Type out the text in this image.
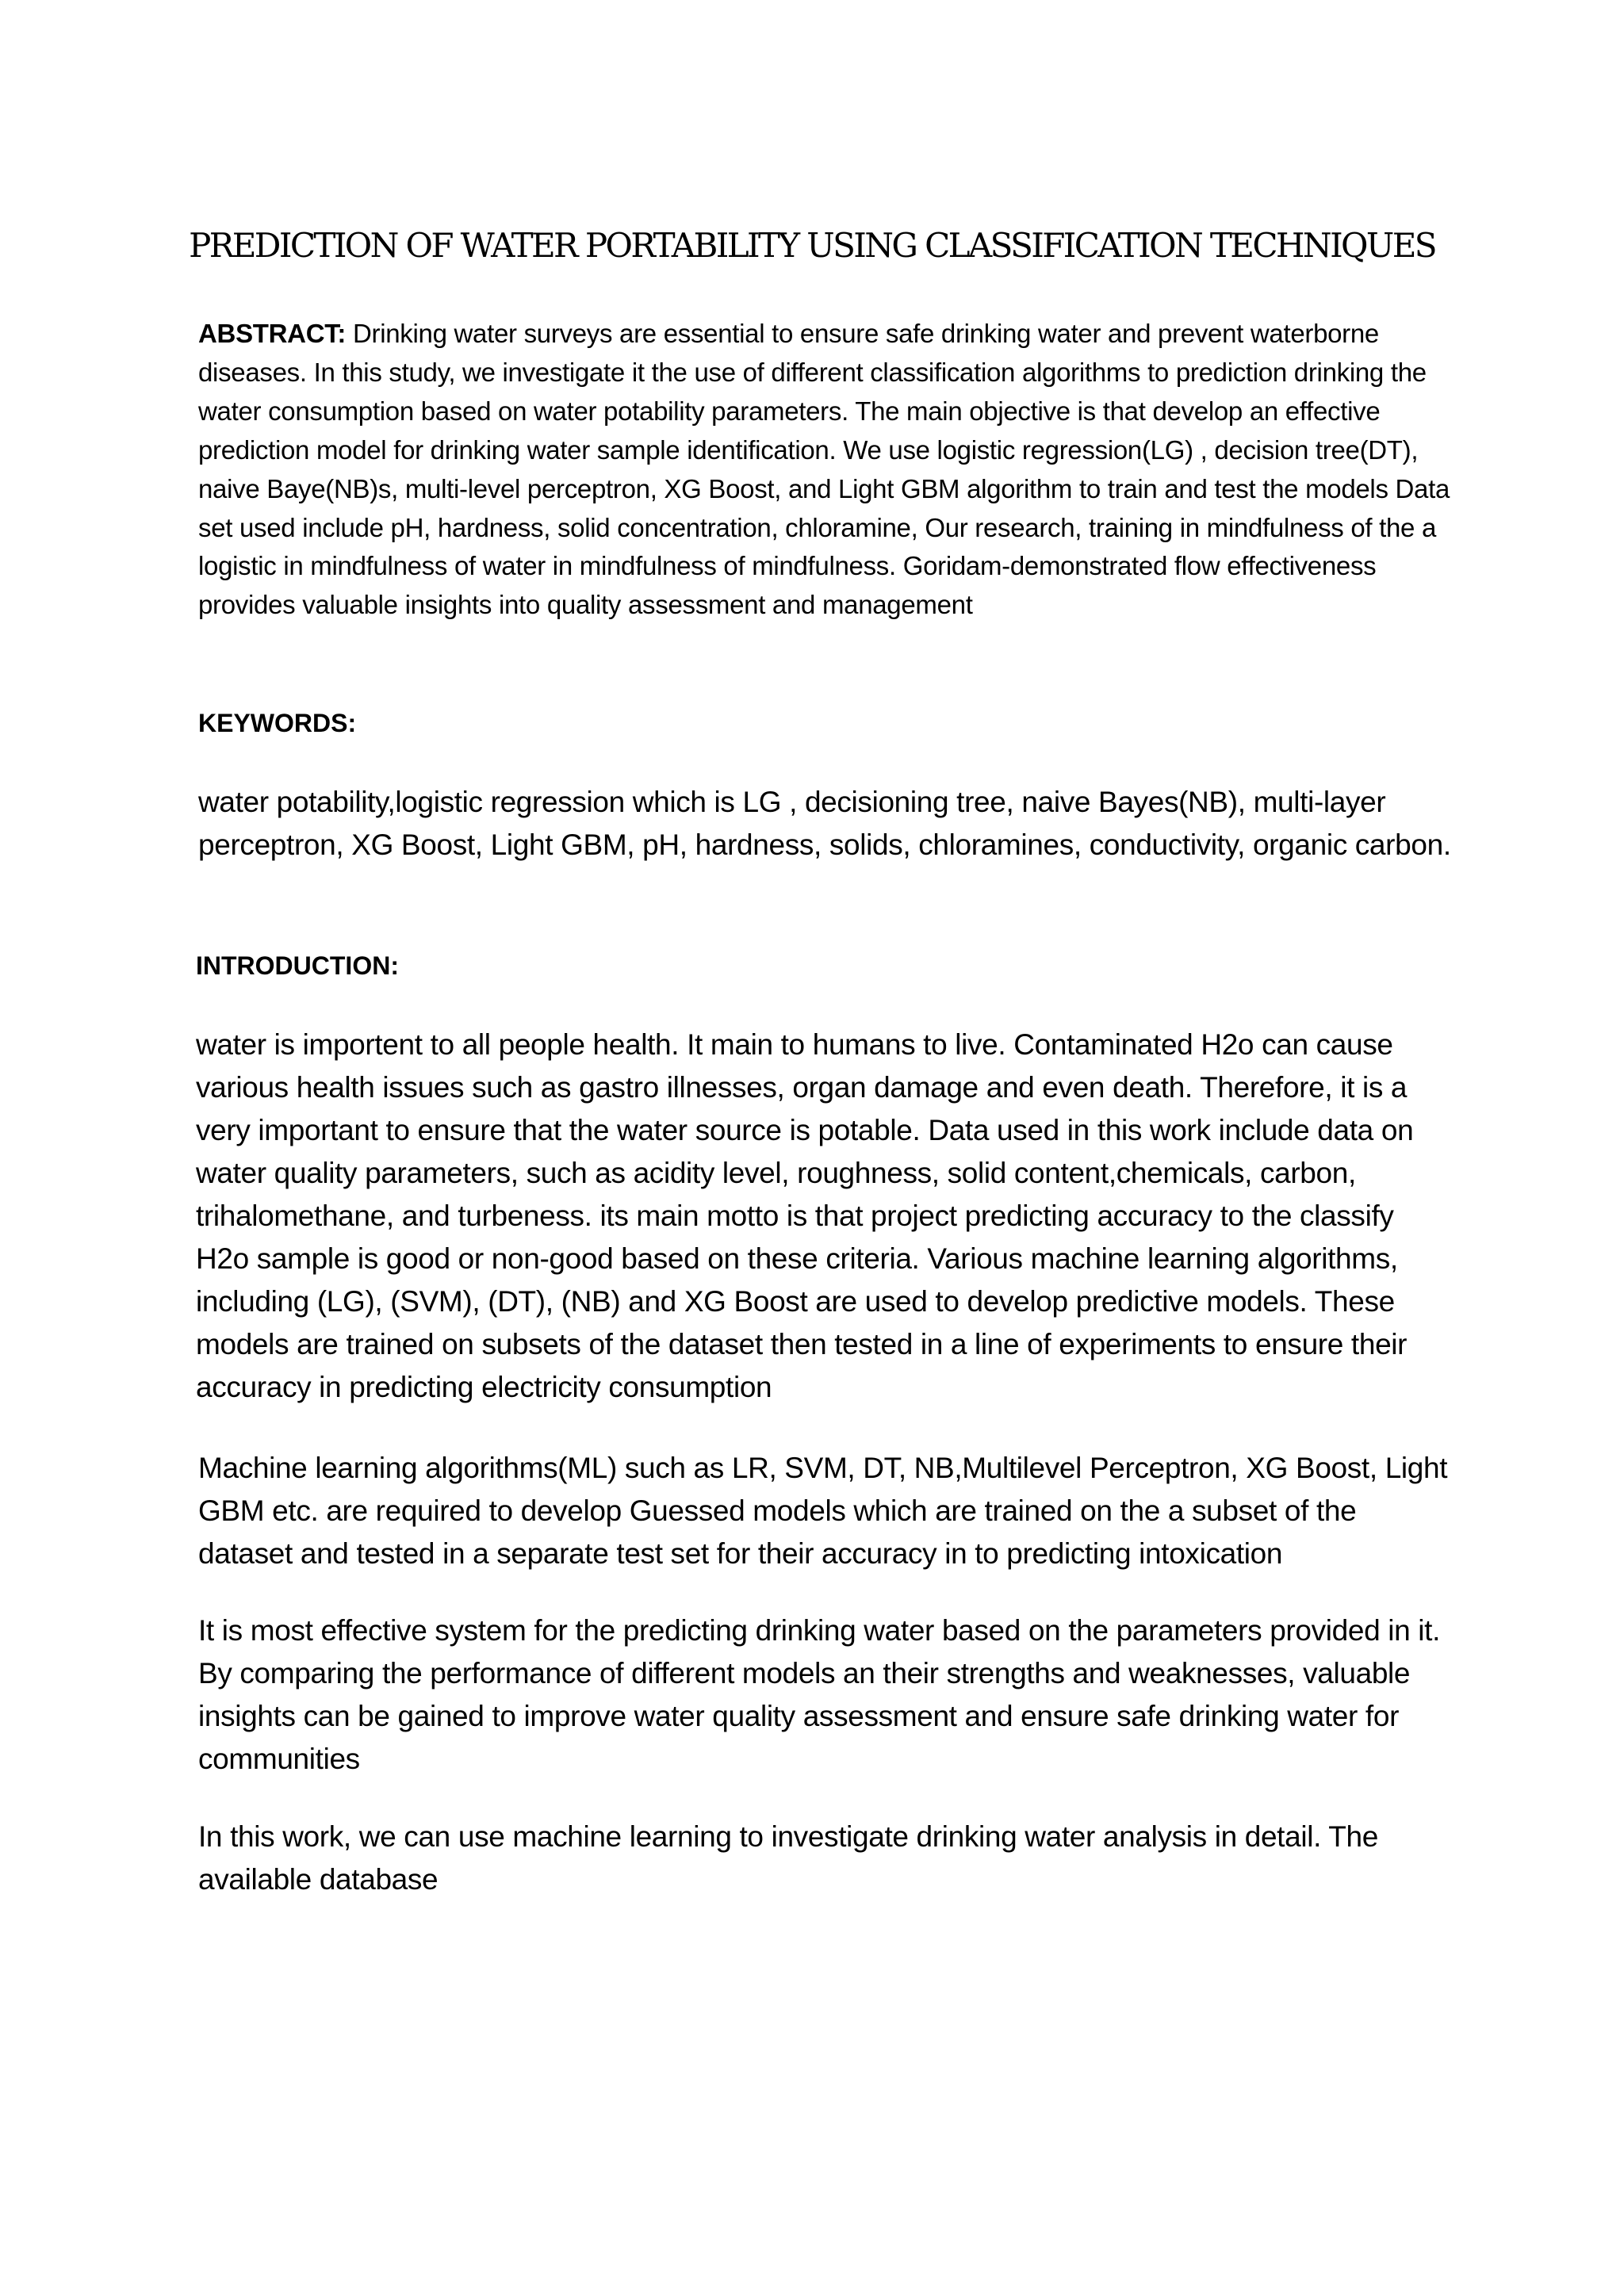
PREDICTION OF WATER PORTABILITY USING CLASSIFICATION TECHNIQUES
ABSTRACT: Drinking water surveys are essential to ensure safe drinking water and prevent waterborne diseases. In this study, we investigate it the use of different classification algorithms to prediction drinking the water consumption based on water potability parameters. The main objective is that develop an effective prediction model for drinking water sample identification. We use logistic regression(LG) , decision tree(DT), naive Baye(NB)s, multi-level perceptron, XG Boost, and Light GBM algorithm to train and test the models Data set used include pH, hardness, solid concentration, chloramine, Our research, training in mindfulness of the a logistic in mindfulness of water in mindfulness of mindfulness. Goridam-demonstrated flow effectiveness provides valuable insights into quality assessment and management
KEYWORDS:
water potability,logistic regression which is LG , decisioning tree, naive Bayes(NB), multi-layer perceptron, XG Boost, Light GBM, pH, hardness, solids, chloramines, conductivity, organic carbon.
INTRODUCTION:
water is importent to all people health. It main to humans to live. Contaminated H2o can cause various health issues such as gastro illnesses, organ damage and even death. Therefore, it is a very important to ensure that the water source is potable. Data used in this work include data on water quality parameters, such as acidity level, roughness, solid content,chemicals, carbon, trihalomethane, and turbeness. its main motto is that project predicting accuracy to the classify H2o sample is good or non-good based on these criteria. Various machine learning algorithms, including (LG), (SVM), (DT), (NB) and XG Boost are used to develop predictive models. These models are trained on subsets of the dataset then tested in a line of experiments to ensure their accuracy in predicting electricity consumption
Machine learning algorithms(ML) such as LR, SVM, DT, NB,Multilevel Perceptron, XG Boost, Light GBM etc. are required to develop Guessed models which are trained on the a subset of the dataset and tested in a separate test set for their accuracy in to predicting intoxication
It is most effective system for the predicting drinking water based on the parameters provided in it. By comparing the performance of different models an their strengths and weaknesses, valuable insights can be gained to improve water quality assessment and ensure safe drinking water for communities
In this work, we can use machine learning to investigate drinking water analysis in detail. The available database
